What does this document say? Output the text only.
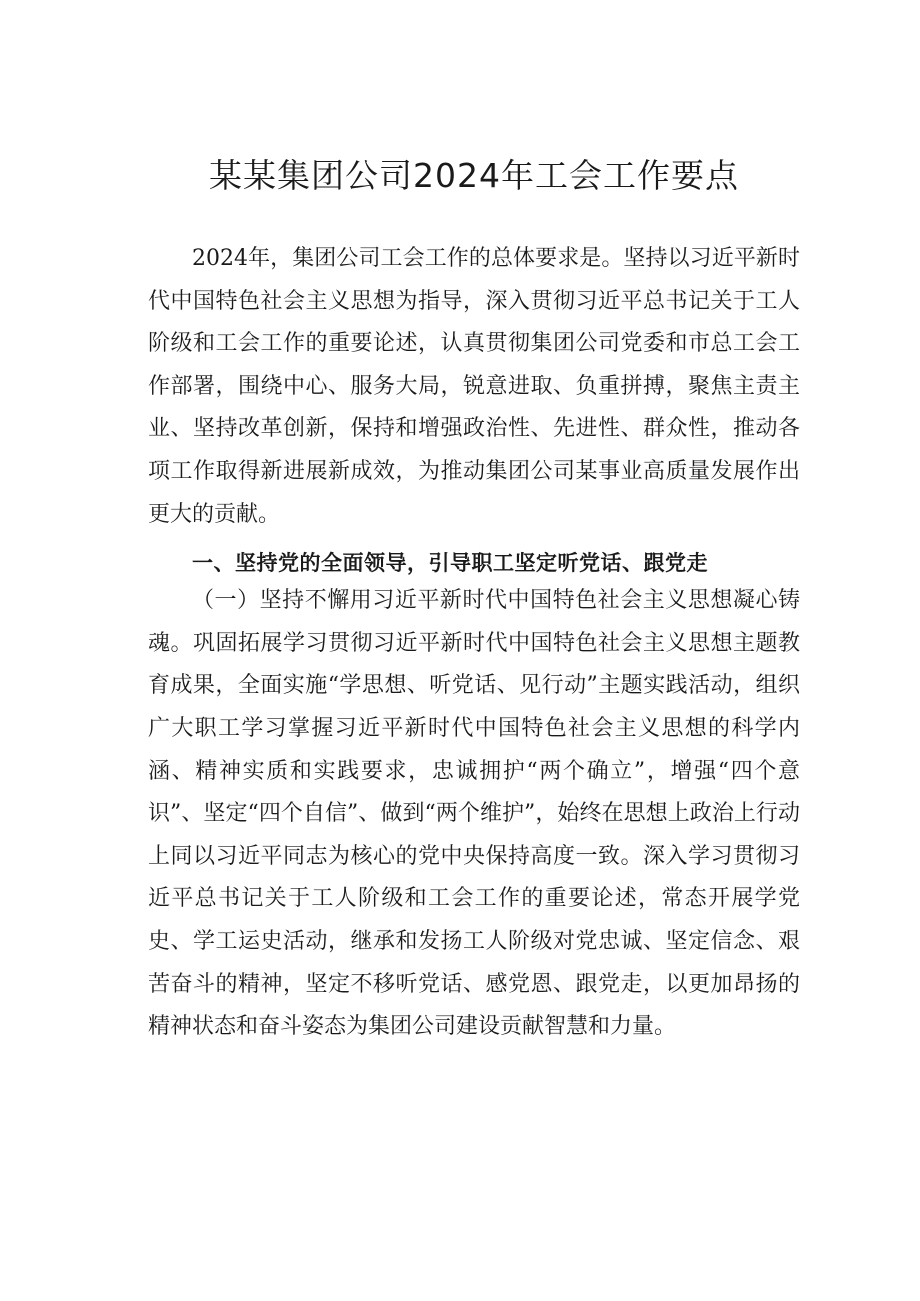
某某集团公司2024年工会工作要点

2024年，集团公司工会工作的总体要求是。坚持以习近平新时代中国特色社会主义思想为指导，深入贯彻习近平总书记关于工人阶级和工会工作的重要论述，认真贯彻集团公司党委和市总工会工作部署，围绕中心、服务大局，锐意进取、负重拼搏，聚焦主责主业、坚持改革创新，保持和增强政治性、先进性、群众性，推动各项工作取得新进展新成效，为推动集团公司某事业高质量发展作出更大的贡献。

一、坚持党的全面领导，引导职工坚定听党话、跟党走

（一）坚持不懈用习近平新时代中国特色社会主义思想凝心铸魂。巩固拓展学习贯彻习近平新时代中国特色社会主义思想主题教育成果，全面实施“学思想、听党话、见行动”主题实践活动，组织广大职工学习掌握习近平新时代中国特色社会主义思想的科学内涵、精神实质和实践要求，忠诚拥护“两个确立”，增强“四个意识”、坚定“四个自信”、做到“两个维护”，始终在思想上政治上行动上同以习近平同志为核心的党中央保持高度一致。深入学习贯彻习近平总书记关于工人阶级和工会工作的重要论述，常态开展学党史、学工运史活动，继承和发扬工人阶级对党忠诚、坚定信念、艰苦奋斗的精神，坚定不移听党话、感党恩、跟党走，以更加昂扬的精神状态和奋斗姿态为集团公司建设贡献智慧和力量。
